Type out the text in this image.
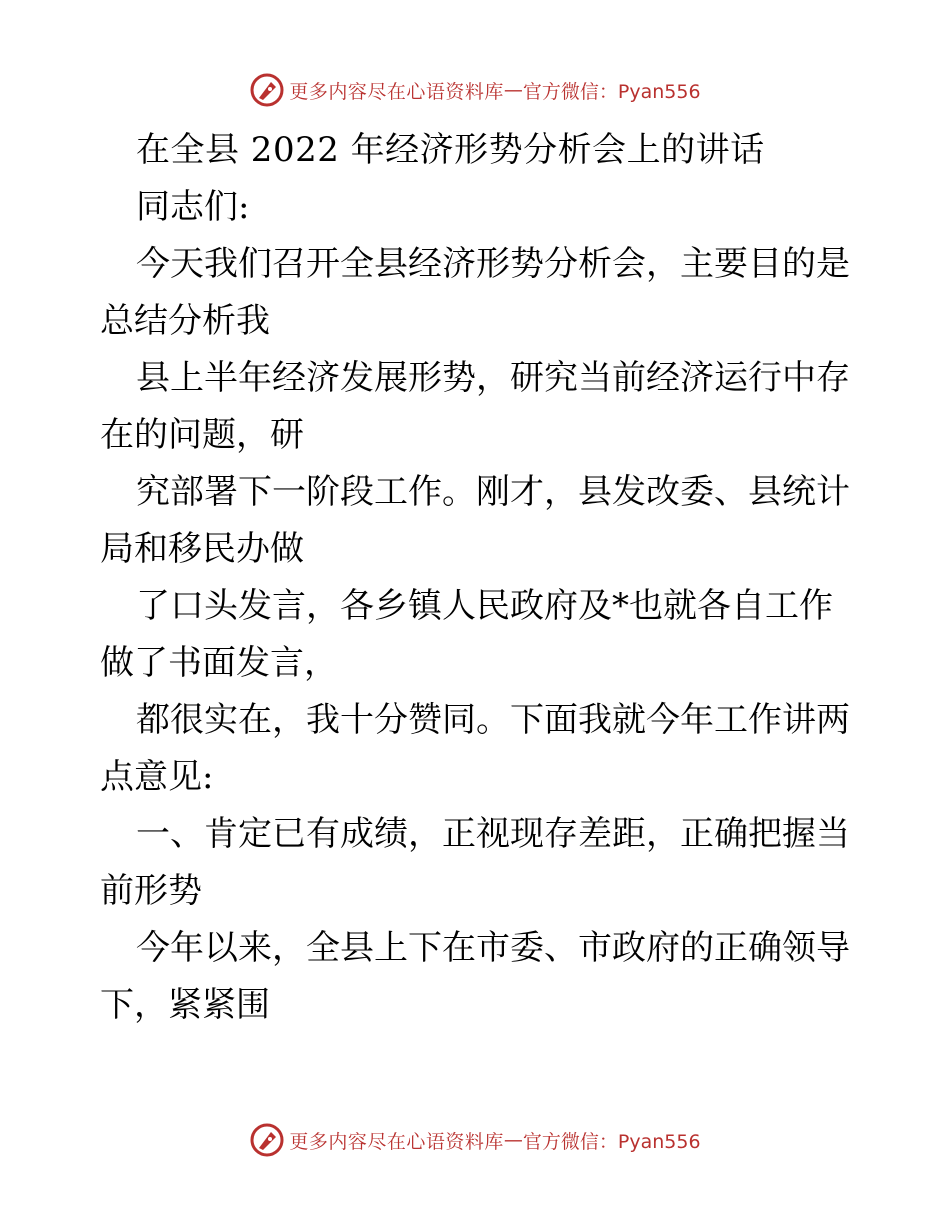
更多内容尽在心语资料库 — 官方微信：Pyan556
在全县 2022 年经济形势分析会上的讲话
同志们:
今天我们召开全县经济形势分析会，主要目的是
总结分析我
县上半年经济发展形势，研究当前经济运行中存
在的问题，研
究部署下一阶段工作。刚才，县发改委、县统计
局和移民办做
了口头发言，各乡镇人民政府及*也就各自工作
做了书面发言，
都很实在，我十分赞同。下面我就今年工作讲两
点意见:
一、肯定已有成绩，正视现存差距，正确把握当
前形势
今年以来，全县上下在市委、市政府的正确领导
下，紧紧围
更多内容尽在心语资料库 — 官方微信：Pyan556
